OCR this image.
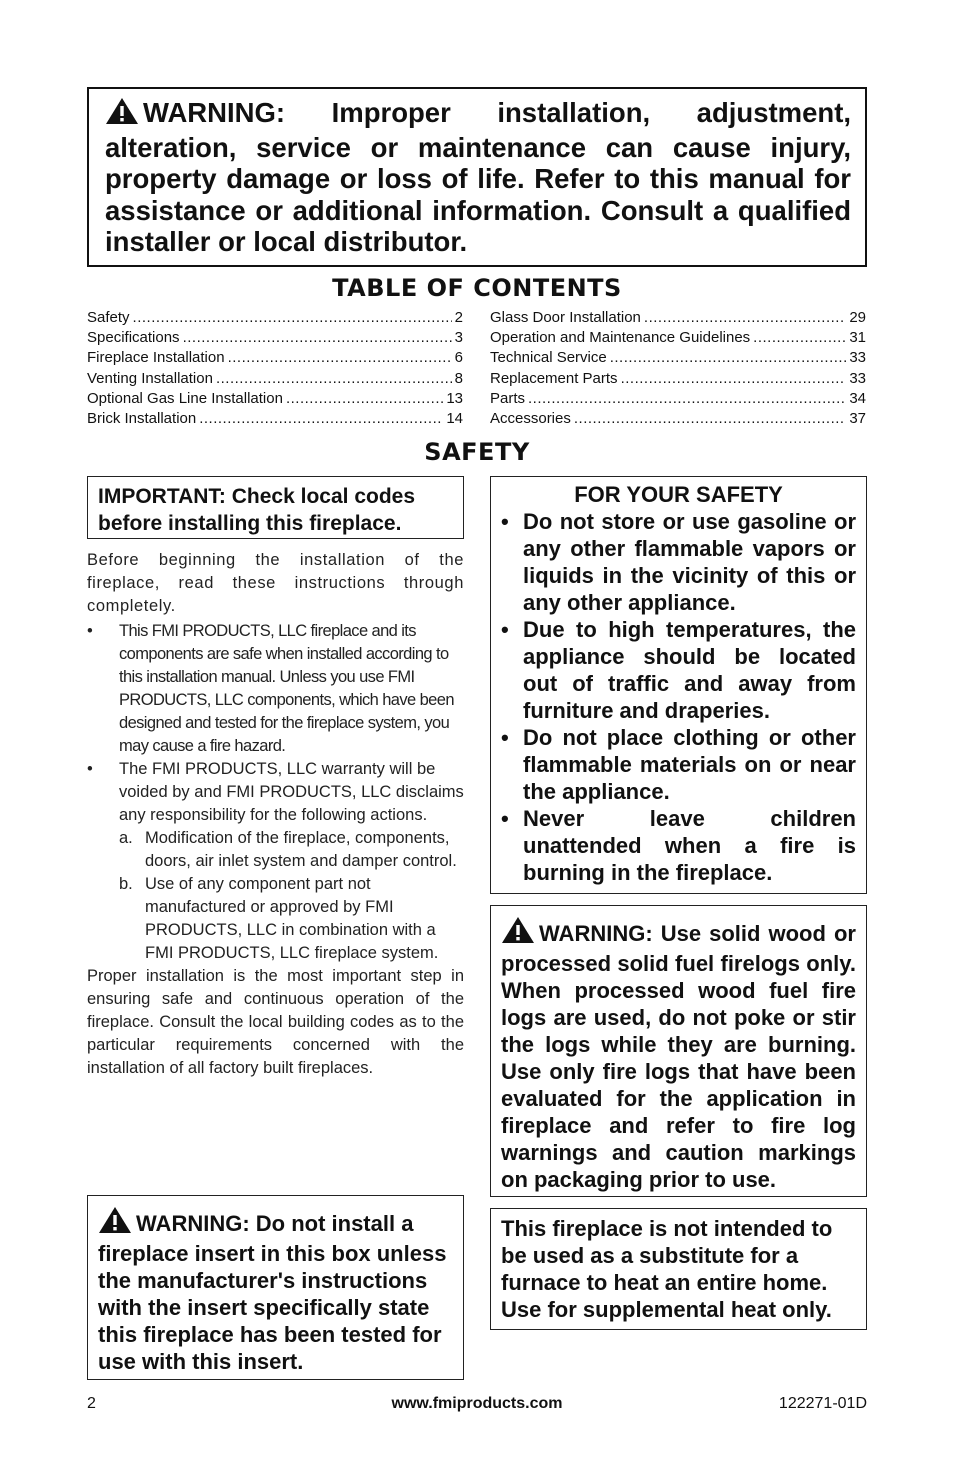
WARNING: Improper installation, adjustment, alteration, service or maintenance can cause injury, property damage or loss of life. Refer to this manual for assistance or additional information. Consult a qualified installer or local distributor.
TABLE OF CONTENTS
Safety .....	2
Specifications .....	3
Fireplace Installation .....	6
Venting Installation .....	8
Optional Gas Line Installation .....	13
Brick Installation .....	14
Glass Door Installation .....	29
Operation and Maintenance Guidelines .....	31
Technical Service .....	33
Replacement Parts .....	33
Parts .....	34
Accessories .....	37
SAFETY
IMPORTANT: Check local codes before installing this fireplace.

Before beginning the installation of the fireplace, read these instructions through completely.

•	This FMI PRODUCTS, LLC fireplace and its components are safe when installed according to this installation manual. Unless you use FMI PRODUCTS, LLC components, which have been designed and tested for the fireplace system, you may cause a fire hazard.
•	The FMI PRODUCTS, LLC warranty will be voided by and FMI PRODUCTS, LLC disclaims any responsibility for the following actions.
a. Modification of the fireplace, components, doors, air inlet system and damper control.
b. Use of any component part not manufactured or approved by FMI PRODUCTS, LLC in combination with a FMI PRODUCTS, LLC fireplace system.

Proper installation is the most important step in ensuring safe and continuous operation of the fireplace. Consult the local building codes as to the particular requirements concerned with the installation of all factory built fireplaces.

WARNING: Do not install a fireplace insert in this box unless the manufacturer's instructions with the insert specifically state this fireplace has been tested for use with this insert.
FOR YOUR SAFETY
• Do not store or use gasoline or any other flammable vapors or liquids in the vicinity of this or any other appliance.
• Due to high temperatures, the appliance should be located out of traffic and away from furniture and draperies.
• Do not place clothing or other flammable materials on or near the appliance.
• Never leave children unattended when a fire is burning in the fireplace.
WARNING: Use solid wood or processed solid fuel firelogs only. When processed wood fuel fire logs are used, do not poke or stir the logs while they are burning. Use only fire logs that have been evaluated for the application in fireplace and refer to fire log warnings and caution markings on packaging prior to use.
This fireplace is not intended to be used as a substitute for a furnace to heat an entire home. Use for supplemental heat only.
2	www.fmiproducts.com	122271-01D
